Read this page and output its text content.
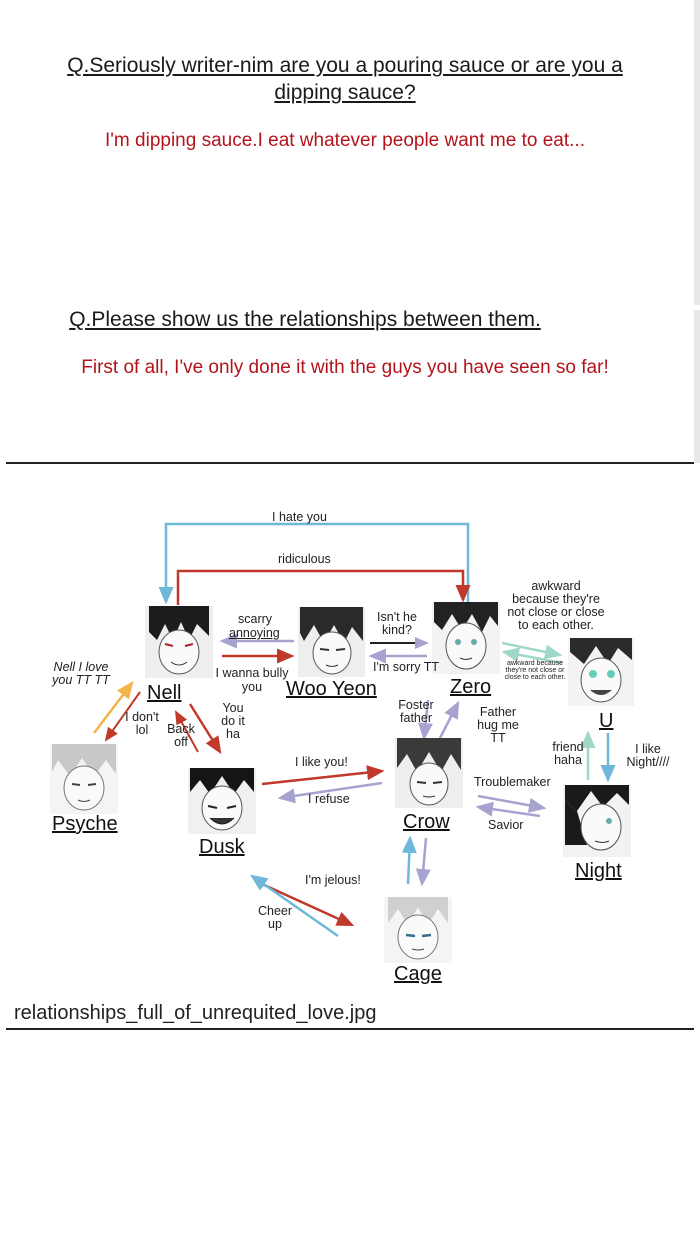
Q.Seriously writer-nim are you a pouring sauce or are you a dipping sauce?
I'm dipping sauce.I eat whatever people want me to eat...
Q.Please show us the relationships between them.
First of all, I've only done it with the guys you have seen so far!
Nell	Woo Yeon	Zero
U
Psyche
Dusk
Crow
Night
Cage
I hate you
ridiculous
scarry
annoying
I wanna bully you
Isn't he kind?
I'm sorry TT
awkward because they're not close or close to each other.
awkward because they're not close or close to each other.
Nell I love you TT TT
I don't lol	Back off
You do it ha
Foster father	Father hug me TT
friend haha
I like Night////
I like you!
I refuse
Troublemaker
Savior
I'm jelous!
Cheer up
relationships_full_of_unrequited_love.jpg
